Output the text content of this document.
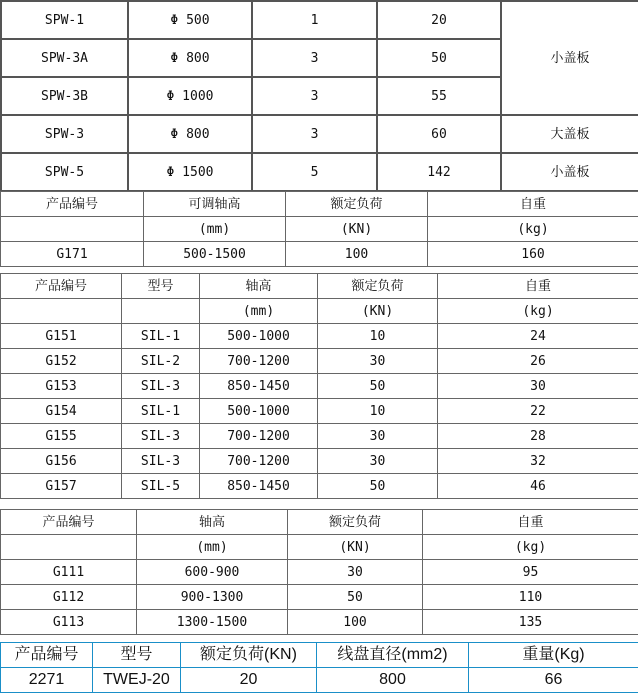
SPW-1	Φ 500	1	20	小盖板
SPW-3A	Φ 800	3	50	
SPW-3B	Φ 1000	3	55	
SPW-3	Φ 800	3	60	大盖板
SPW-5	Φ 1500	5	142	小盖板
产品编号	可调轴高	额定负荷	自重
	(mm)	(KN)	(kg)
G171	500-1500	100	160
产品编号	型号	轴高	额定负荷	自重
		(mm)	(KN)	(kg)
G151	SIL-1	500-1000	10	24
G152	SIL-2	700-1200	30	26
G153	SIL-3	850-1450	50	30
G154	SIL-1	500-1000	10	22
G155	SIL-3	700-1200	30	28
G156	SIL-3	700-1200	30	32
G157	SIL-5	850-1450	50	46
产品编号	轴高	额定负荷	自重
	(mm)	(KN)	(kg)
G111	600-900	30	95
G112	900-1300	50	110
G113	1300-1500	100	135
产品编号	型号	额定负荷(KN)	线盘直径(mm2)	重量(Kg)
2271	TWEJ-20	20	800	66
